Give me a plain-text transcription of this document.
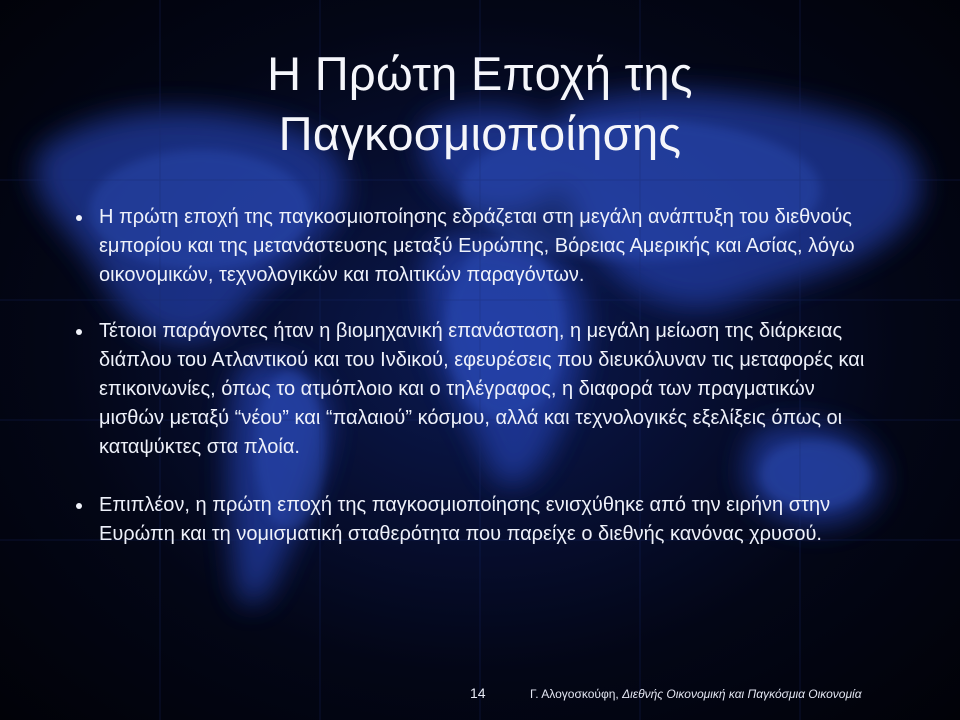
Η Πρώτη Εποχή της
Παγκοσμιοποίησης
Η πρώτη εποχή της παγκοσμιοποίησης εδράζεται στη μεγάλη ανάπτυξη του διεθνούς εμπορίου και της μετανάστευσης μεταξύ Ευρώπης, Βόρειας Αμερικής και Ασίας, λόγω οικονομικών, τεχνολογικών και πολιτικών παραγόντων.
Τέτοιοι παράγοντες ήταν η βιομηχανική επανάσταση, η μεγάλη μείωση της διάρκειας διάπλου του Ατλαντικού και του Ινδικού, εφευρέσεις που διευκόλυναν τις μεταφορές και επικοινωνίες, όπως το ατμόπλοιο και ο τηλέγραφος, η διαφορά των πραγματικών μισθών μεταξύ “νέου” και “παλαιού” κόσμου, αλλά και τεχνολογικές εξελίξεις όπως οι καταψύκτες στα πλοία.
Επιπλέον, η πρώτη εποχή της παγκοσμιοποίησης ενισχύθηκε από την ειρήνη στην Ευρώπη και τη νομισματική σταθερότητα που παρείχε ο διεθνής κανόνας χρυσού.
14	Γ. Αλογοσκούφη, Διεθνής Οικονομική και Παγκόσμια Οικονομία
